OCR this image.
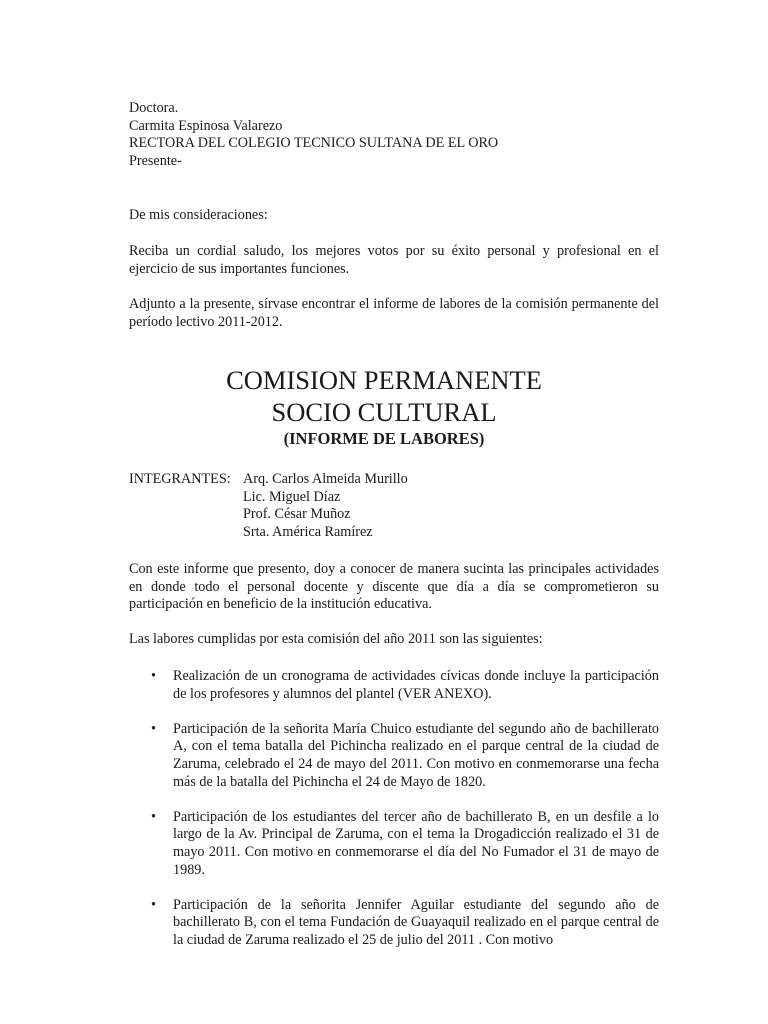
Doctora.
Carmita Espinosa Valarezo
RECTORA DEL COLEGIO TECNICO SULTANA DE EL ORO
Presente-
De mis consideraciones:
Reciba un cordial saludo, los mejores votos por su éxito personal y profesional en el ejercicio de sus importantes funciones.
Adjunto a la presente, sírvase encontrar el informe de labores de la comisión permanente del período lectivo 2011-2012.
COMISION PERMANENTE
SOCIO CULTURAL
(INFORME DE LABORES)
INTEGRANTES: Arq. Carlos Almeida Murillo
Lic. Miguel Díaz
Prof. César Muñoz
Srta. América Ramírez
Con este informe que presento, doy a conocer de manera sucinta las principales actividades en donde todo el personal docente y discente que día a día se comprometieron su participación en beneficio de la institución educativa.
Las labores cumplidas por esta comisión del año 2011 son las siguientes:
•	Realización de un cronograma de actividades cívicas donde incluye la participación de los profesores y alumnos del plantel (VER ANEXO).
•	Participación de la señorita María Chuico estudiante del segundo año de bachillerato A, con el tema batalla del Pichincha realizado en el parque central de la ciudad de Zaruma, celebrado el 24 de mayo del 2011. Con motivo en conmemorarse una fecha más de la batalla del Pichincha el 24 de Mayo de 1820.
•	Participación de los estudiantes del tercer año de bachillerato B, en un desfile a lo largo de la Av. Principal de Zaruma, con el tema la Drogadicción realizado el 31 de mayo 2011. Con motivo en conmemorarse el día del No Fumador el 31 de mayo de 1989.
•	Participación de la señorita Jennifer Aguilar estudiante del segundo año de bachillerato B, con el tema Fundación de Guayaquil realizado en el parque central de la ciudad de Zaruma realizado el 25 de julio del 2011 . Con motivo
